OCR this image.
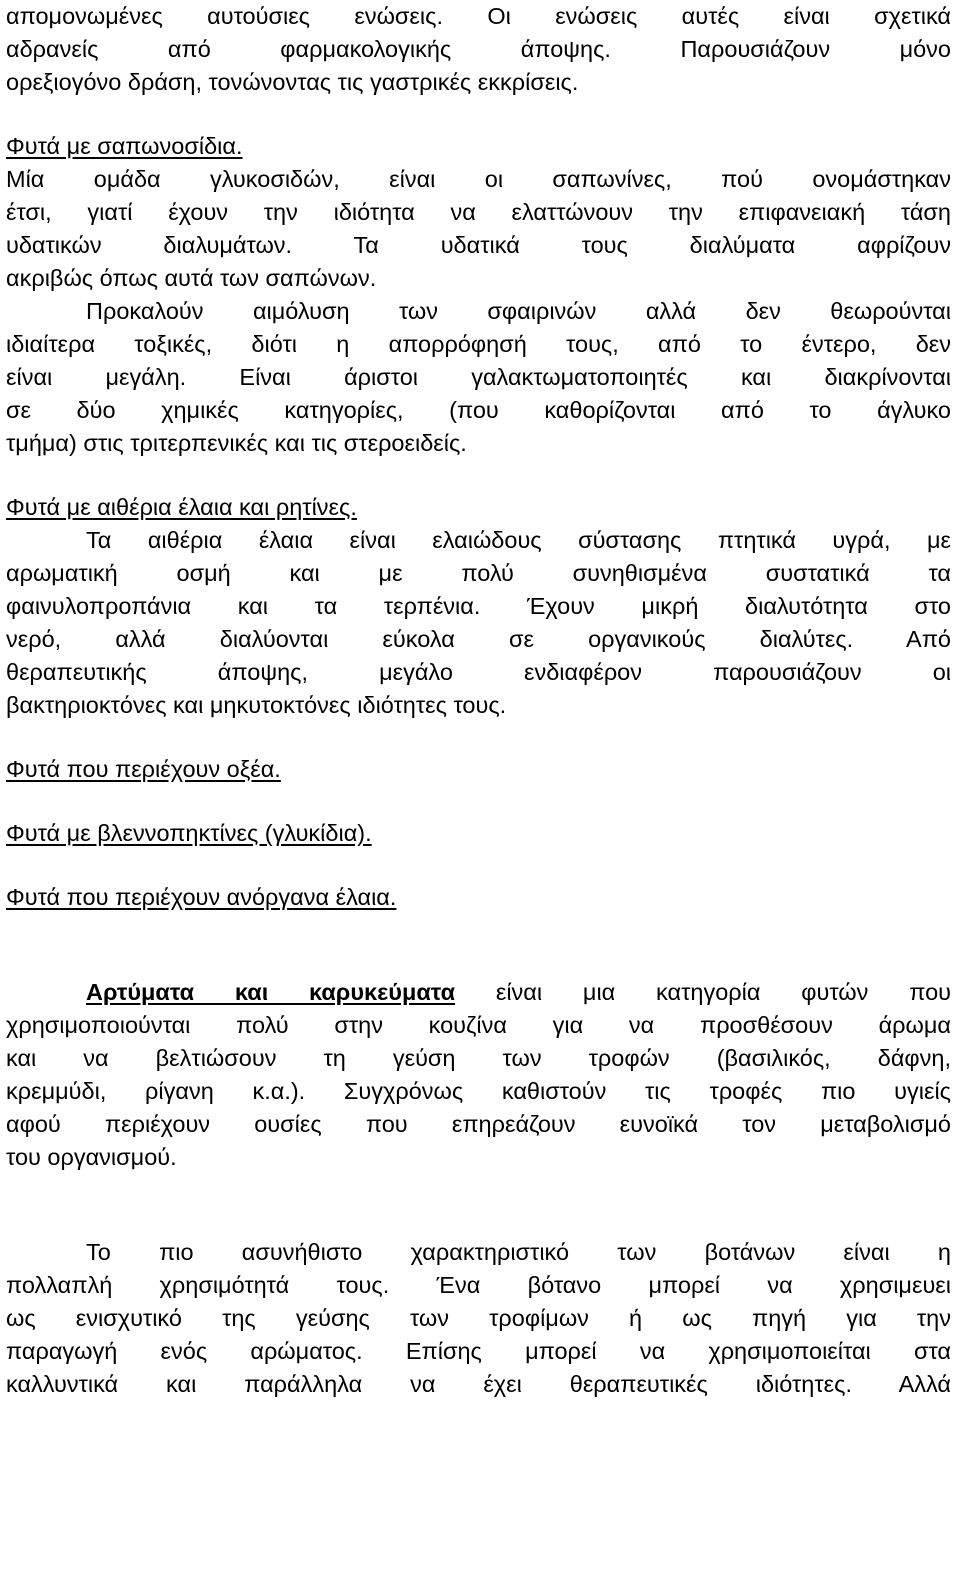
απομονωμένες αυτούσιες ενώσεις. Οι ενώσεις αυτές είναι σχετικά
αδρανείς από φαρμακολογικής άποψης. Παρουσιάζουν μόνο
ορεξιογόνο δράση, τονώνοντας τις γαστρικές εκκρίσεις.
Φυτά με σαπωνοσίδια.
Μία ομάδα γλυκοσιδών, είναι οι σαπωνίνες, πού ονομάστηκαν
έτσι, γιατί έχουν την ιδιότητα να ελαττώνουν την επιφανειακή τάση
υδατικών διαλυμάτων. Τα υδατικά τους διαλύματα αφρίζουν
ακριβώς όπως αυτά των σαπώνων.
Προκαλούν αιμόλυση των σφαιρινών αλλά δεν θεωρούνται
ιδιαίτερα τοξικές, διότι η απορρόφησή τους, από το έντερο, δεν
είναι μεγάλη. Είναι άριστοι γαλακτωματοποιητές και διακρίνονται
σε δύο χημικές κατηγορίες, (που καθορίζονται από το άγλυκο
τμήμα) στις τριτερπενικές και τις στεροειδείς.
Φυτά με αιθέρια έλαια και ρητίνες.
Τα αιθέρια έλαια είναι ελαιώδους σύστασης πτητικά υγρά, με
αρωματική οσμή και με πολύ συνηθισμένα συστατικά τα
φαινυλοπροπάνια και τα τερπένια. Έχουν μικρή διαλυτότητα στο
νερό, αλλά διαλύονται εύκολα σε οργανικούς διαλύτες. Από
θεραπευτικής άποψης, μεγάλο ενδιαφέρον παρουσιάζουν οι
βακτηριοκτόνες και μηκυτοκτόνες ιδιότητες τους.
Φυτά που περιέχουν οξέα.
Φυτά με βλεννοπηκτίνες (γλυκίδια).
Φυτά που περιέχουν ανόργανα έλαια.
Αρτύματα και καρυκεύματα είναι μια κατηγορία φυτών που
χρησιμοποιούνται πολύ στην κουζίνα για να προσθέσουν άρωμα
και να βελτιώσουν τη γεύση των τροφών (βασιλικός, δάφνη,
κρεμμύδι, ρίγανη κ.α.). Συγχρόνως καθιστούν τις τροφές πιο υγιείς
αφού περιέχουν ουσίες που επηρεάζουν ευνοϊκά τον μεταβολισμό
του οργανισμού.
Το πιο ασυνήθιστο χαρακτηριστικό των βοτάνων είναι η
πολλαπλή χρησιμότητά τους. Ένα βότανο μπορεί να χρησιμευει
ως ενισχυτικό της γεύσης των τροφίμων ή ως πηγή για την
παραγωγή ενός αρώματος. Επίσης μπορεί να χρησιμοποιείται στα
καλλυντικά και παράλληλα να έχει θεραπευτικές ιδιότητες. Αλλά
